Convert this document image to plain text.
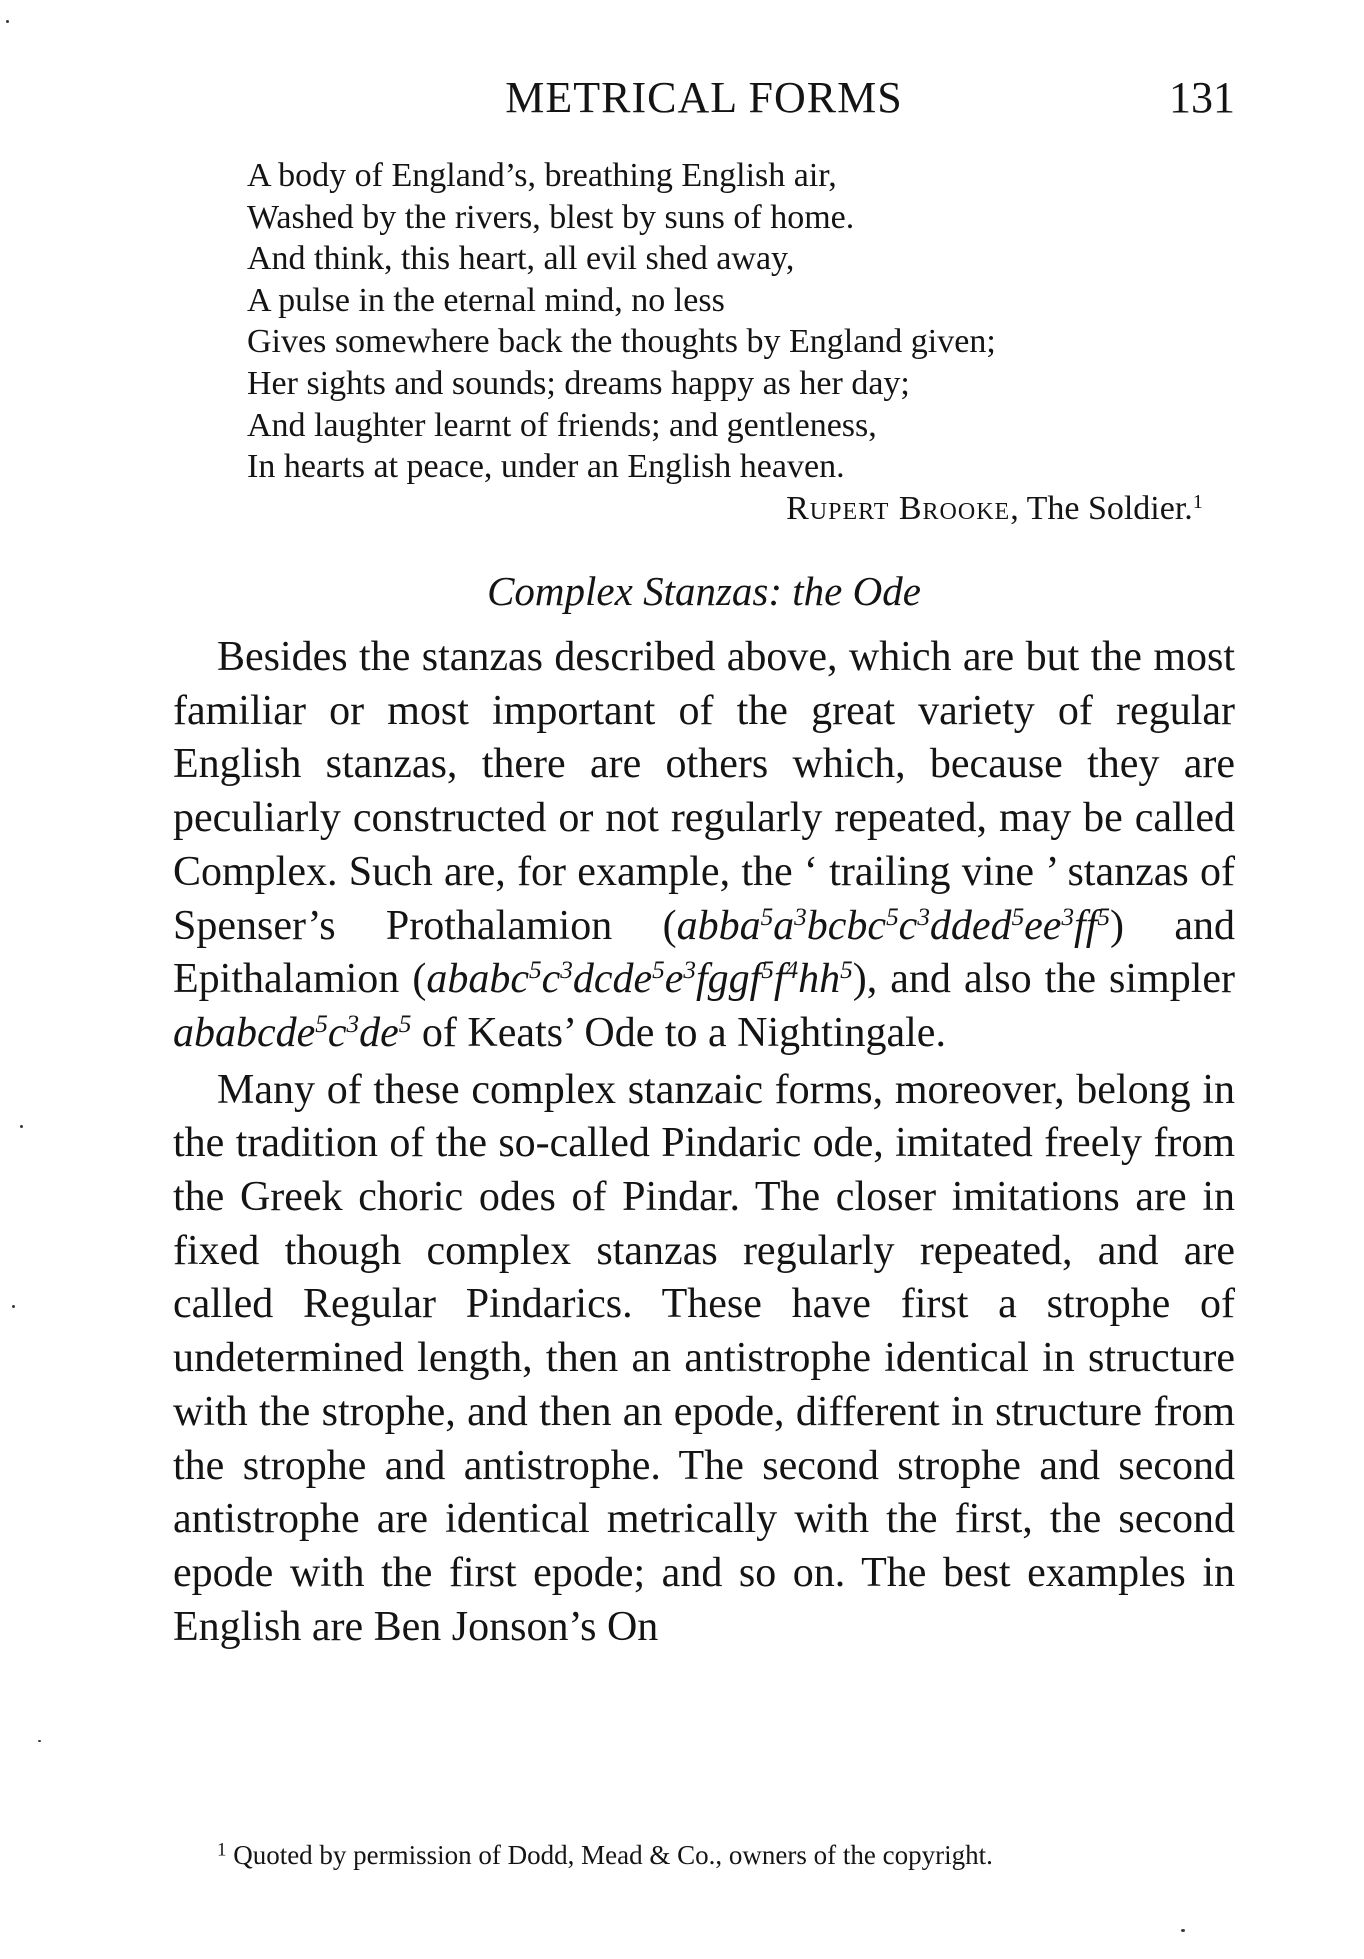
METRICAL FORMS	131
A body of England’s, breathing English air,
Washed by the rivers, blest by suns of home.
And think, this heart, all evil shed away,
A pulse in the eternal mind, no less
Gives somewhere back the thoughts by England given;
Her sights and sounds; dreams happy as her day;
And laughter learnt of friends; and gentleness,
In hearts at peace, under an English heaven.
Rupert Brooke, The Soldier.$^1$
Complex Stanzas: the Ode

Besides the stanzas described above, which are but the most familiar or most important of the great variety of regular English stanzas, there are others which, because they are peculiarly constructed or not regularly repeated, may be called Complex. Such are, for example, the ‘ trailing vine ’ stanzas of Spenser’s Prothalamion $(abba^5a^3bcbc^5c^3dded^5ee^3ff^5)$ and Epithalamion $(ababc^5c^3dcde^5e^3fggf^5f^4hh^5)$, and also the simpler $ababcde^5c^3de^5$ of Keats’ Ode to a Nightingale.

Many of these complex stanzaic forms, moreover, belong in the tradition of the so-called Pindaric ode, imitated freely from the Greek choric odes of Pindar. The closer imitations are in fixed though complex stanzas regularly repeated, and are called Regular Pindarics. These have first a strophe of undetermined length, then an antistrophe identical in structure with the strophe, and then an epode, different in structure from the strophe and antistrophe. The second strophe and second antistrophe are identical metrically with the first, the second epode with the first epode; and so on. The best examples in English are Ben Jonson’s On

$^1$ Quoted by permission of Dodd, Mead & Co., owners of the copyright.
